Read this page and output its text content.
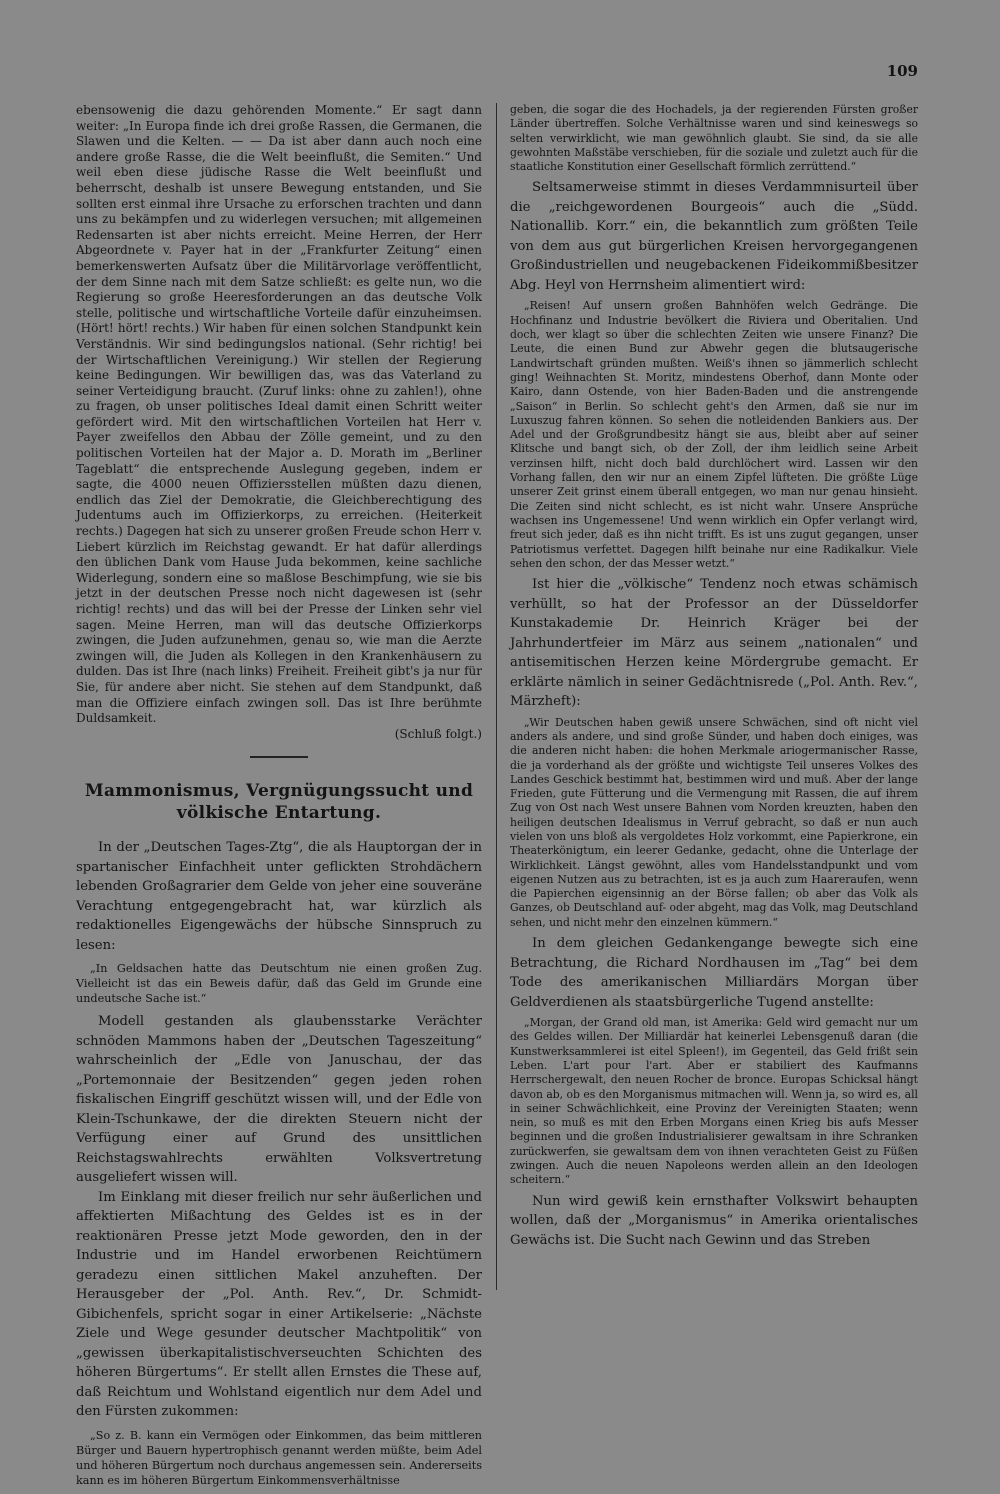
109

ebensowenig die dazu gehörenden Momente.“ Er sagt dann weiter: „In Europa finde ich drei große Rassen, die Germanen, die Slawen und die Kelten. — — Da ist aber dann auch noch eine andere große Rasse, die die Welt beeinflußt, die Semiten.“ Und weil eben diese jüdische Rasse die Welt beeinflußt und beherrscht, deshalb ist unsere Bewegung entstanden, und Sie sollten erst einmal ihre Ursache zu erforschen trachten und dann uns zu bekämpfen und zu widerlegen versuchen; mit allgemeinen Redensarten ist aber nichts erreicht. Meine Herren, der Herr Abgeordnete v. Payer hat in der „Frankfurter Zeitung“ einen bemerkenswerten Aufsatz über die Militärvorlage veröffentlicht, der dem Sinne nach mit dem Satze schließt: es gelte nun, wo die Regierung so große Heeresforderungen an das deutsche Volk stelle, politische und wirtschaftliche Vorteile dafür einzuheimsen. (Hört! hört! rechts.) Wir haben für einen solchen Standpunkt kein Verständnis. Wir sind bedingungslos national. (Sehr richtig! bei der Wirtschaftlichen Vereinigung.) Wir stellen der Regierung keine Bedingungen. Wir bewilligen das, was das Vaterland zu seiner Verteidigung braucht. (Zuruf links: ohne zu zahlen!), ohne zu fragen, ob unser politisches Ideal damit einen Schritt weiter gefördert wird. Mit den wirtschaftlichen Vorteilen hat Herr v. Payer zweifellos den Abbau der Zölle gemeint, und zu den politischen Vorteilen hat der Major a. D. Morath im „Berliner Tageblatt“ die entsprechende Auslegung gegeben, indem er sagte, die 4000 neuen Offiziersstellen müßten dazu dienen, endlich das Ziel der Demokratie, die Gleichberechtigung des Judentums auch im Offizierkorps, zu erreichen. (Heiterkeit rechts.) Dagegen hat sich zu unserer großen Freude schon Herr v. Liebert kürzlich im Reichstag gewandt. Er hat dafür allerdings den üblichen Dank vom Hause Juda bekommen, keine sachliche Widerlegung, sondern eine so maßlose Beschimpfung, wie sie bis jetzt in der deutschen Presse noch nicht dagewesen ist (sehr richtig! rechts) und das will bei der Presse der Linken sehr viel sagen. Meine Herren, man will das deutsche Offizierkorps zwingen, die Juden aufzunehmen, genau so, wie man die Aerzte zwingen will, die Juden als Kollegen in den Krankenhäusern zu dulden. Das ist Ihre (nach links) Freiheit. Freiheit gibt's ja nur für Sie, für andere aber nicht. Sie stehen auf dem Standpunkt, daß man die Offiziere einfach zwingen soll. Das ist Ihre berühmte Duldsamkeit.

(Schluß folgt.)
Mammonismus, Vergnügungssucht und völkische Entartung.

In der „Deutschen Tages-Ztg“, die als Hauptorgan der in spartanischer Einfachheit unter geflickten Strohdächern lebenden Großagrarier dem Gelde von jeher eine souveräne Verachtung entgegengebracht hat, war kürzlich als redaktionelles Eigengewächs der hübsche Sinnspruch zu lesen:

„In Geldsachen hatte das Deutschtum nie einen großen Zug. Vielleicht ist das ein Beweis dafür, daß das Geld im Grunde eine undeutsche Sache ist.“

Modell gestanden als glaubensstarke Verächter schnöden Mammons haben der „Deutschen Tageszeitung“ wahrscheinlich der „Edle von Januschau, der das „Portemonnaie der Besitzenden“ gegen jeden rohen fiskalischen Eingriff geschützt wissen will, und der Edle von Klein-Tschunkawe, der die direkten Steuern nicht der Verfügung einer auf Grund des unsittlichen Reichstagswahlrechts erwählten Volksvertretung ausgeliefert wissen will.

Im Einklang mit dieser freilich nur sehr äußerlichen und affektierten Mißachtung des Geldes ist es in der reaktionären Presse jetzt Mode geworden, den in der Industrie und im Handel erworbenen Reichtümern geradezu einen sittlichen Makel anzuheften. Der Herausgeber der „Pol. Anth. Rev.“, Dr. Schmidt-Gibichenfels, spricht sogar in einer Artikelserie: „Nächste Ziele und Wege gesunder deutscher Machtpolitik“ von „gewissen überkapitalistischverseuchten Schichten des höheren Bürgertums“. Er stellt allen Ernstes die These auf, daß Reichtum und Wohlstand eigentlich nur dem Adel und den Fürsten zukommen:

„So z. B. kann ein Vermögen oder Einkommen, das beim mittleren Bürger und Bauern hypertrophisch genannt werden müßte, beim Adel und höheren Bürgertum noch durchaus angemessen sein. Andererseits kann es im höheren Bürgertum Einkommensverhältnisse

geben, die sogar die des Hochadels, ja der regierenden Fürsten großer Länder übertreffen. Solche Verhältnisse waren und sind keineswegs so selten verwirklicht, wie man gewöhnlich glaubt. Sie sind, da sie alle gewohnten Maßstäbe verschieben, für die soziale und zuletzt auch für die staatliche Konstitution einer Gesellschaft förmlich zerrüttend.“

Seltsamerweise stimmt in dieses Verdammnisurteil über die „reichgewordenen Bourgeois“ auch die „Südd. Nationallib. Korr.“ ein, die bekanntlich zum größten Teile von dem aus gut bürgerlichen Kreisen hervorgegangenen Großindustriellen und neugebackenen Fideikommißbesitzer Abg. Heyl von Herrnsheim alimentiert wird:

„Reisen! Auf unsern großen Bahnhöfen welch Gedränge. Die Hochfinanz und Industrie bevölkert die Riviera und Oberitalien. Und doch, wer klagt so über die schlechten Zeiten wie unsere Finanz? Die Leute, die einen Bund zur Abwehr gegen die blutsaugerische Landwirtschaft gründen mußten. Weiß's ihnen so jämmerlich schlecht ging! Weihnachten St. Moritz, mindestens Oberhof, dann Monte oder Kairo, dann Ostende, von hier Baden-Baden und die anstrengende „Saison“ in Berlin. So schlecht geht's den Armen, daß sie nur im Luxuszug fahren können. So sehen die notleidenden Bankiers aus. Der Adel und der Großgrundbesitz hängt sie aus, bleibt aber auf seiner Klitsche und bangt sich, ob der Zoll, der ihm leidlich seine Arbeit verzinsen hilft, nicht doch bald durchlöchert wird. Lassen wir den Vorhang fallen, den wir nur an einem Zipfel lüfteten. Die größte Lüge unserer Zeit grinst einem überall entgegen, wo man nur genau hinsieht. Die Zeiten sind nicht schlecht, es ist nicht wahr. Unsere Ansprüche wachsen ins Ungemessene! Und wenn wirklich ein Opfer verlangt wird, freut sich jeder, daß es ihn nicht trifft. Es ist uns zugut gegangen, unser Patriotismus verfettet. Dagegen hilft beinahe nur eine Radikalkur. Viele sehen den schon, der das Messer wetzt.“

Ist hier die „völkische“ Tendenz noch etwas schämisch verhüllt, so hat der Professor an der Düsseldorfer Kunstakademie Dr. Heinrich Kräger bei der Jahrhundertfeier im März aus seinem „nationalen“ und antisemitischen Herzen keine Mördergrube gemacht. Er erklärte nämlich in seiner Gedächtnisrede („Pol. Anth. Rev.“, Märzheft):

„Wir Deutschen haben gewiß unsere Schwächen, sind oft nicht viel anders als andere, und sind große Sünder, und haben doch einiges, was die anderen nicht haben: die hohen Merkmale ariogermanischer Rasse, die ja vorderhand als der größte und wichtigste Teil unseres Volkes des Landes Geschick bestimmt hat, bestimmen wird und muß. Aber der lange Frieden, gute Fütterung und die Vermengung mit Rassen, die auf ihrem Zug von Ost nach West unsere Bahnen vom Norden kreuzten, haben den heiligen deutschen Idealismus in Verruf gebracht, so daß er nun auch vielen von uns bloß als vergoldetes Holz vorkommt, eine Papierkrone, ein Theaterkönigtum, ein leerer Gedanke, gedacht, ohne die Unterlage der Wirklichkeit. Längst gewöhnt, alles vom Handelsstandpunkt und vom eigenen Nutzen aus zu betrachten, ist es ja auch zum Haareraufen, wenn die Papierchen eigensinnig an der Börse fallen; ob aber das Volk als Ganzes, ob Deutschland auf- oder abgeht, mag das Volk, mag Deutschland sehen, und nicht mehr den einzelnen kümmern.“

In dem gleichen Gedankengange bewegte sich eine Betrachtung, die Richard Nordhausen im „Tag“ bei dem Tode des amerikanischen Milliardärs Morgan über Geldverdienen als staatsbürgerliche Tugend anstellte:

„Morgan, der Grand old man, ist Amerika: Geld wird gemacht nur um des Geldes willen. Der Milliardär hat keinerlei Lebensgenuß daran (die Kunstwerksammlerei ist eitel Spleen!), im Gegenteil, das Geld frißt sein Leben. L'art pour l'art. Aber er stabiliert des Kaufmanns Herrschergewalt, den neuen Rocher de bronce. Europas Schicksal hängt davon ab, ob es den Morganismus mitmachen will. Wenn ja, so wird es, all in seiner Schwächlichkeit, eine Provinz der Vereinigten Staaten; wenn nein, so muß es mit den Erben Morgans einen Krieg bis aufs Messer beginnen und die großen Industrialisierer gewaltsam in ihre Schranken zurückwerfen, sie gewaltsam dem von ihnen verachteten Geist zu Füßen zwingen. Auch die neuen Napoleons werden allein an den Ideologen scheitern.“

Nun wird gewiß kein ernsthafter Volkswirt behaupten wollen, daß der „Morganismus“ in Amerika orientalisches Gewächs ist. Die Sucht nach Gewinn und das Streben
